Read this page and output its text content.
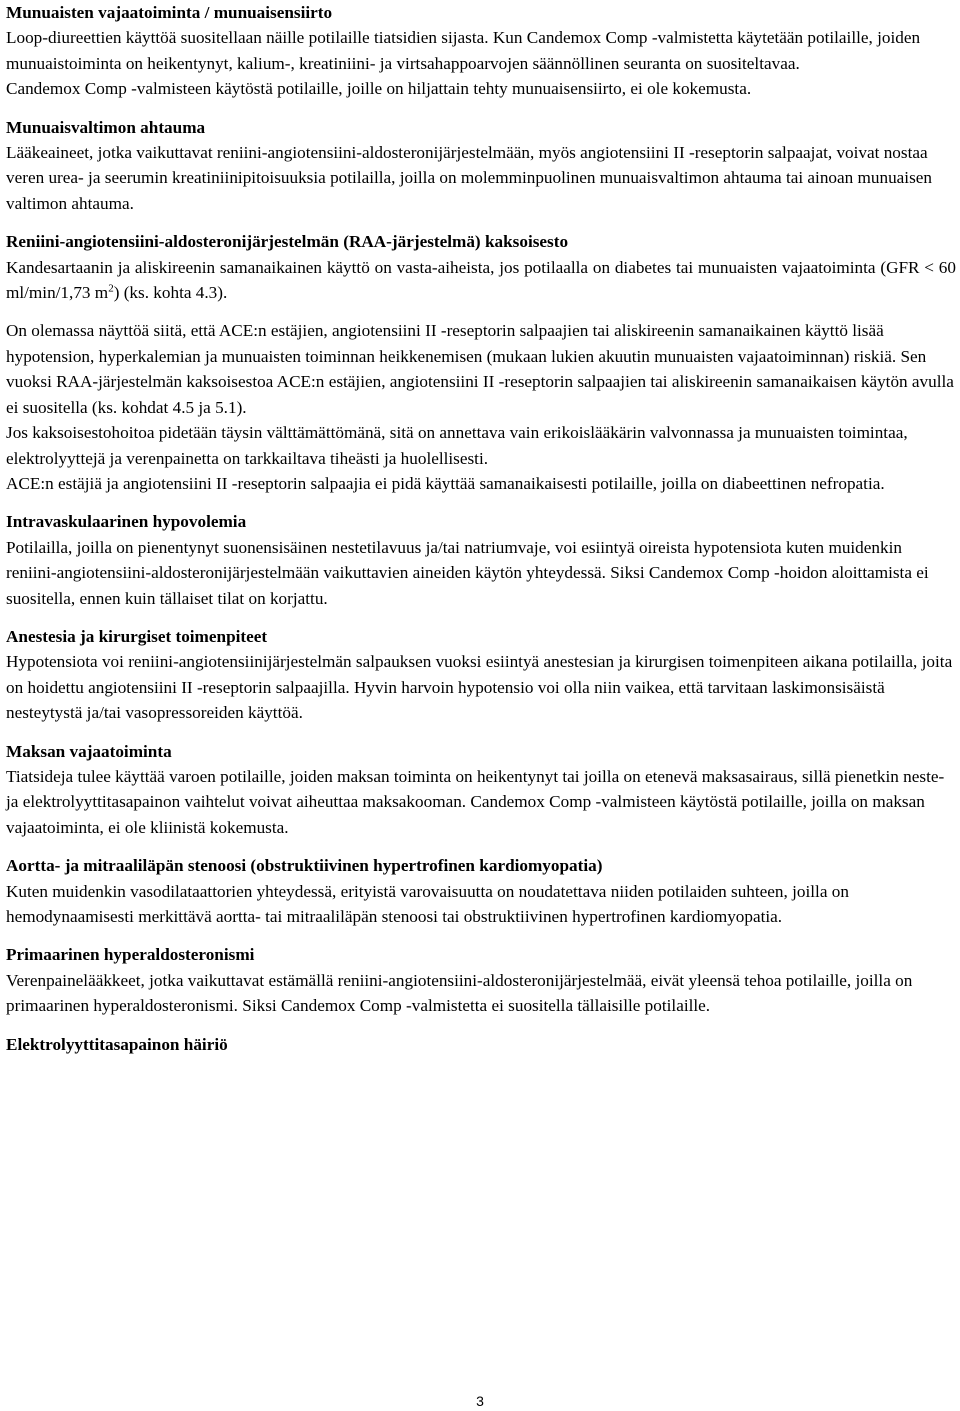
Munuaisten vajaatoiminta / munuaisensiirto

Loop-diureettien käyttöä suositellaan näille potilaille tiatsidien sijasta. Kun Candemox Comp -valmistetta käytetään potilaille, joiden munuaistoiminta on heikentynyt, kalium-, kreatiniini- ja virtsahappoarvojen säännöllinen seuranta on suositeltavaa.

Candemox Comp -valmisteen käytöstä potilaille, joille on hiljattain tehty munuaisensiirto, ei ole kokemusta.

Munuaisvaltimon ahtauma

Lääkeaineet, jotka vaikuttavat reniini-angiotensiini-aldosteronijärjestelmään, myös angiotensiini II -reseptorin salpaajat, voivat nostaa veren urea- ja seerumin kreatiniinipitoisuuksia potilailla, joilla on molemminpuolinen munuaisvaltimon ahtauma tai ainoan munuaisen valtimon ahtauma.

Reniini-angiotensiini-aldosteronijärjestelmän (RAA-järjestelmä) kaksoisesto

Kandesartaanin ja aliskireenin samanaikainen käyttö on vasta-aiheista, jos potilaalla on diabetes tai munuaisten vajaatoiminta (GFR < 60 ml/min/1,73 $m^2$) (ks. kohta 4.3).

On olemassa näyttöä siitä, että ACE:n estäjien, angiotensiini II -reseptorin salpaajien tai aliskireenin samanaikainen käyttö lisää hypotension, hyperkalemian ja munuaisten toiminnan heikkenemisen (mukaan lukien akuutin munuaisten vajaatoiminnan) riskiä. Sen vuoksi RAA-järjestelmän kaksoisestoa ACE:n estäjien, angiotensiini II -reseptorin salpaajien tai aliskireenin samanaikaisen käytön avulla ei suositella (ks. kohdat 4.5 ja 5.1).

Jos kaksoisestohoitoa pidetään täysin välttämättömänä, sitä on annettava vain erikoislääkärin valvonnassa ja munuaisten toimintaa, elektrolyyttejä ja verenpainetta on tarkkailtava tiheästi ja huolellisesti.

ACE:n estäjiä ja angiotensiini II -reseptorin salpaajia ei pidä käyttää samanaikaisesti potilaille, joilla on diabeettinen nefropatia.

Intravaskulaarinen hypovolemia

Potilailla, joilla on pienentynyt suonensisäinen nestetilavuus ja/tai natriumvaje, voi esiintyä oireista hypotensiota kuten muidenkin reniini-angiotensiini-aldosteronijärjestelmään vaikuttavien aineiden käytön yhteydessä. Siksi Candemox Comp -hoidon aloittamista ei suositella, ennen kuin tällaiset tilat on korjattu.

Anestesia ja kirurgiset toimenpiteet

Hypotensiota voi reniini-angiotensiinijärjestelmän salpauksen vuoksi esiintyä anestesian ja kirurgisen toimenpiteen aikana potilailla, joita on hoidettu angiotensiini II -reseptorin salpaajilla. Hyvin harvoin hypotensio voi olla niin vaikea, että tarvitaan laskimonsisäistä nesteytystä ja/tai vasopressoreiden käyttöä.

Maksan vajaatoiminta

Tiatsideja tulee käyttää varoen potilaille, joiden maksan toiminta on heikentynyt tai joilla on etenevä maksasairaus, sillä pienetkin neste- ja elektrolyyttitasapainon vaihtelut voivat aiheuttaa maksakooman. Candemox Comp -valmisteen käytöstä potilaille, joilla on maksan vajaatoiminta, ei ole kliinistä kokemusta.

Aortta- ja mitraaliläpän stenoosi (obstruktiivinen hypertrofinen kardiomyopatia)

Kuten muidenkin vasodilataattorien yhteydessä, erityistä varovaisuutta on noudatettava niiden potilaiden suhteen, joilla on hemodynaamisesti merkittävä aortta- tai mitraaliläpän stenoosi tai obstruktiivinen hypertrofinen kardiomyopatia.

Primaarinen hyperaldosteronismi

Verenpainelääkkeet, jotka vaikuttavat estämällä reniini-angiotensiini-aldosteronijärjestelmää, eivät yleensä tehoa potilaille, joilla on primaarinen hyperaldosteronismi. Siksi Candemox Comp -valmistetta ei suositella tällaisille potilaille.

Elektrolyyttitasapainon häiriö

3
